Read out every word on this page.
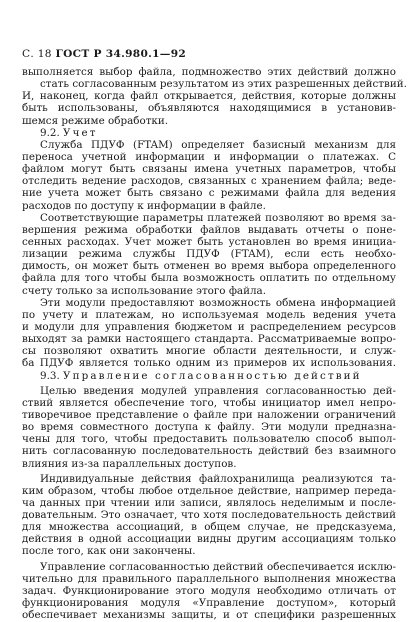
С. 18 ГОСТ Р 34.980.1—92
выполняется выбор файла, подмножество этих действий должно
стать согласованным результатом из этих разрешенных действий.
И, наконец, когда файл открывается, действия, которые должны
быть использованы, объявляются находящимися в установив-
шемся режиме обработки.
9.2. Учет
Служба ПДУФ (FTAM) определяет базисный механизм для
переноса учетной информации и информации о платежах. С
файлом могут быть связаны имена учетных параметров, чтобы
отследить ведение расходов, связанных с хранением файла; веде-
ние учета может быть связано с режимами файла для ведения
расходов по доступу к информации в файле.
Соответствующие параметры платежей позволяют во время за-
вершения режима обработки файлов выдавать отчеты о поне-
сенных расходах. Учет может быть установлен во время инициа-
лизации режима службы ПДУФ (FTAM), если есть необхо-
димость, он может быть отменен во время выбора определенного
файла для того чтобы была возможность оплатить по отдельному
счету только за использование этого файла.
Эти модули предоставляют возможность обмена информацией
по учету и платежам, но используемая модель ведения учета
и модули для управления бюджетом и распределением ресурсов
выходят за рамки настоящего стандарта. Рассматриваемые вопро-
сы позволяют охватить многие области деятельности, и служ-
ба ПДУФ является только одним из примеров их использования.
9.3. Управление согласованностью действий
Целью введения модулей управления согласованностью дей-
ствий является обеспечение того, чтобы инициатор имел непро-
тиворечивое представление о файле при наложении ограничений
во время совместного доступа к файлу. Эти модули предназна-
чены для того, чтобы предоставить пользователю способ выпол-
нить согласованную последовательность действий без взаимного
влияния из-за параллельных доступов.
Индивидуальные действия файлохранилища реализуются та-
ким образом, чтобы любое отдельное действие, например переда-
ча данных при чтении или записи, являлось неделимым и после-
довательным. Это означает, что хотя последовательность действий
для множества ассоциаций, в общем случае, не предсказуема,
действия в одной ассоциации видны другим ассоциациям только
после того, как они закончены.
Управление согласованностью действий обеспечивается исклю-
чительно для правильного параллельного выполнения множества
задач. Функционирование этого модуля необходимо отличать от
функционирования модуля «Управление доступом», который
обеспечивает механизмы защиты, и от специфики разрешенных
